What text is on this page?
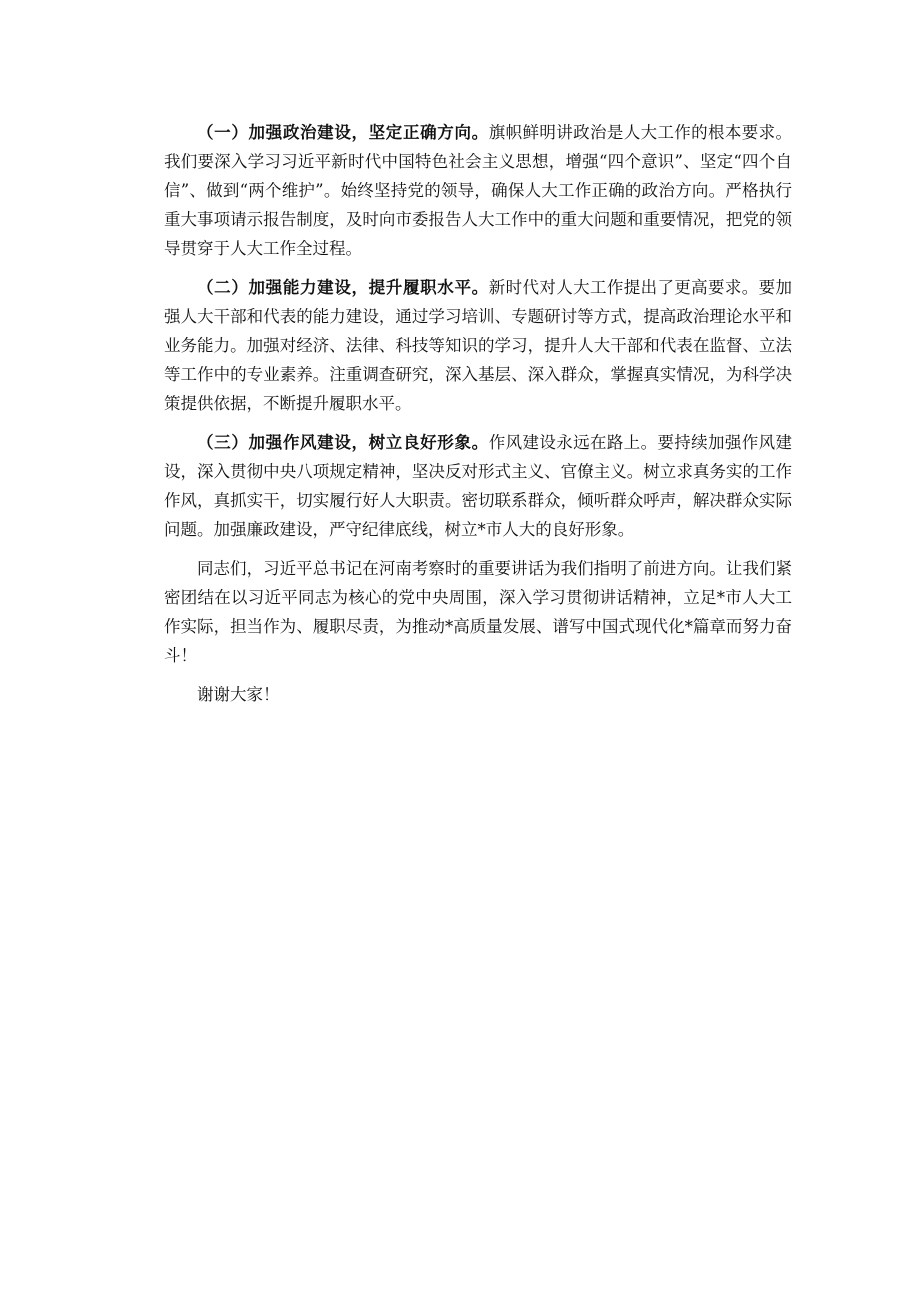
（一）加强政治建设，坚定正确方向。旗帜鲜明讲政治是人大工作的根本要求。我们要深入学习习近平新时代中国特色社会主义思想，增强“四个意识”、坚定“四个自信”、做到“两个维护”。始终坚持党的领导，确保人大工作正确的政治方向。严格执行重大事项请示报告制度，及时向市委报告人大工作中的重大问题和重要情况，把党的领导贯穿于人大工作全过程。

（二）加强能力建设，提升履职水平。新时代对人大工作提出了更高要求。要加强人大干部和代表的能力建设，通过学习培训、专题研讨等方式，提高政治理论水平和业务能力。加强对经济、法律、科技等知识的学习，提升人大干部和代表在监督、立法等工作中的专业素养。注重调查研究，深入基层、深入群众，掌握真实情况，为科学决策提供依据，不断提升履职水平。

（三）加强作风建设，树立良好形象。作风建设永远在路上。要持续加强作风建设，深入贯彻中央八项规定精神，坚决反对形式主义、官僚主义。树立求真务实的工作作风，真抓实干，切实履行好人大职责。密切联系群众，倾听群众呼声，解决群众实际问题。加强廉政建设，严守纪律底线，树立*市人大的良好形象。

同志们，习近平总书记在河南考察时的重要讲话为我们指明了前进方向。让我们紧密团结在以习近平同志为核心的党中央周围，深入学习贯彻讲话精神，立足*市人大工作实际，担当作为、履职尽责，为推动*高质量发展、谱写中国式现代化*篇章而努力奋斗！

谢谢大家！
